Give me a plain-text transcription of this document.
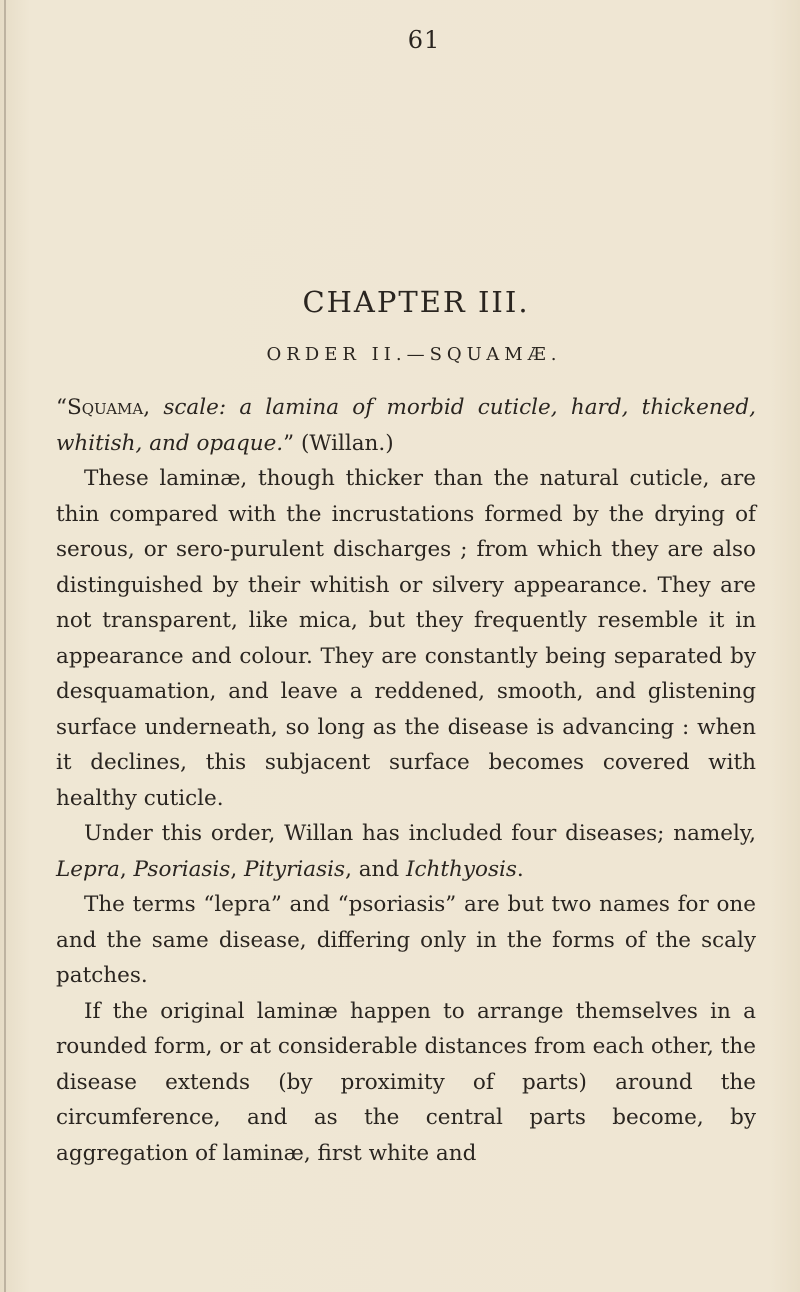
61
CHAPTER III.
ORDER II.—SQUAMÆ.

“Squama, scale: a lamina of morbid cuticle, hard, thickened, whitish, and opaque.” (Willan.)

These laminæ, though thicker than the natural cuticle, are thin compared with the incrustations formed by the drying of serous, or sero-purulent discharges ; from which they are also distinguished by their whitish or silvery appearance. They are not transparent, like mica, but they frequently resemble it in appearance and colour. They are constantly being separated by desquamation, and leave a reddened, smooth, and glistening surface underneath, so long as the disease is advancing : when it declines, this subjacent surface becomes covered with healthy cuticle.

Under this order, Willan has included four diseases; namely, Lepra, Psoriasis, Pityriasis, and Ichthyosis.

The terms “lepra” and “psoriasis” are but two names for one and the same disease, differing only in the forms of the scaly patches.

If the original laminæ happen to arrange themselves in a rounded form, or at considerable distances from each other, the disease extends (by proximity of parts) around the circumference, and as the central parts become, by aggregation of laminæ, first white and
